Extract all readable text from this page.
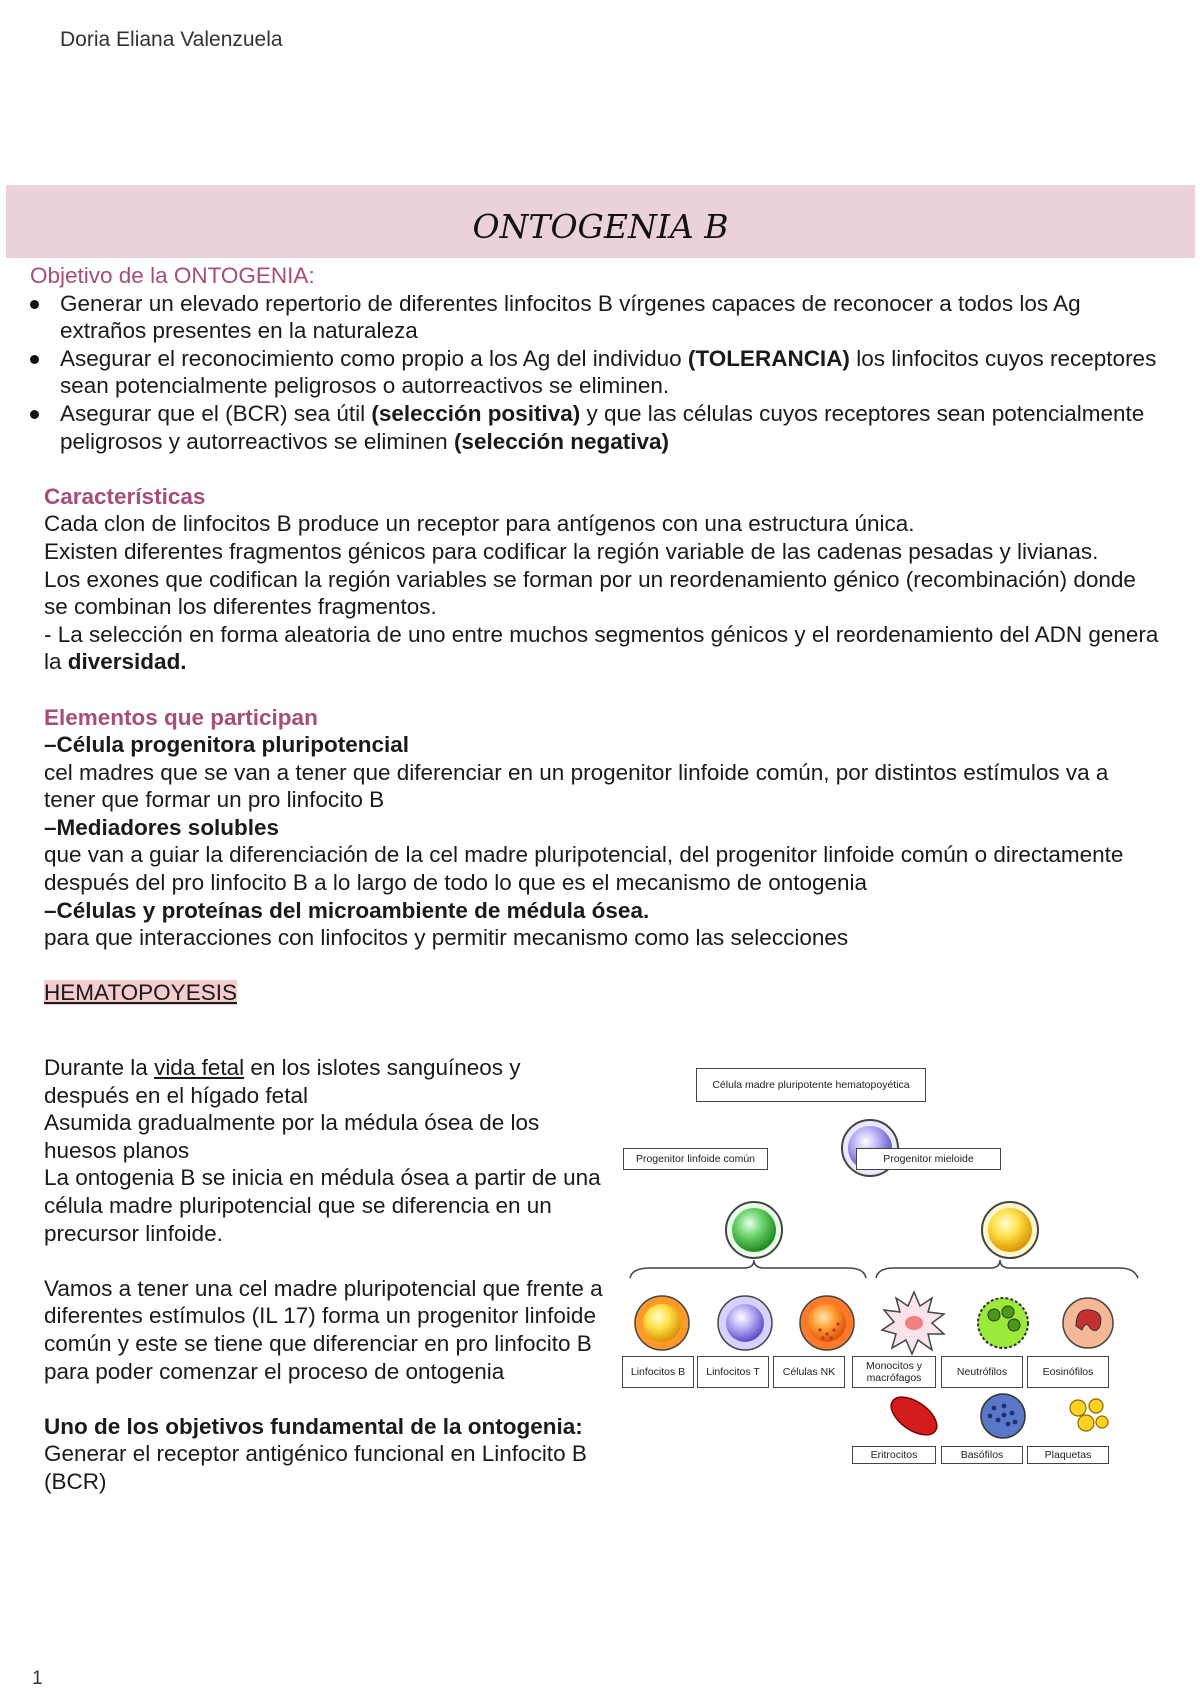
Doria Eliana Valenzuela
ONTOGENIA B
Objetivo de la ONTOGENIA:
Generar un elevado repertorio de diferentes linfocitos B vírgenes capaces de reconocer a todos los Ag extraños presentes en la naturaleza
Asegurar el reconocimiento como propio a los Ag del individuo (TOLERANCIA) los linfocitos cuyos receptores sean potencialmente peligrosos o autorreactivos se eliminen.
Asegurar que el (BCR) sea útil (selección positiva) y que las células cuyos receptores sean potencialmente peligrosos y autorreactivos se eliminen (selección negativa)
Características
Cada clon de linfocitos B produce un receptor para antígenos con una estructura única.
Existen diferentes fragmentos génicos para codificar la región variable de las cadenas pesadas y livianas.
Los exones que codifican la región variables se forman por un reordenamiento génico (recombinación) donde se combinan los diferentes fragmentos.
- La selección en forma aleatoria de uno entre muchos segmentos génicos y el reordenamiento del ADN genera la diversidad.
Elementos que participan
–Célula progenitora pluripotencial
cel madres que se van a tener que diferenciar en un progenitor linfoide común, por distintos estímulos va a tener que formar un pro linfocito B
–Mediadores solubles
que van a guiar la diferenciación de la cel madre pluripotencial, del progenitor linfoide común o directamente después del pro linfocito B a lo largo de todo lo que es el mecanismo de ontogenia
–Células y proteínas del microambiente de médula ósea.
para que interacciones con linfocitos y permitir mecanismo como las selecciones
HEMATOPOYESIS
Durante la vida fetal en los islotes sanguíneos y después en el hígado fetal
Asumida gradualmente por la médula ósea de los huesos planos
La ontogenia B se inicia en médula ósea a partir de una célula madre pluripotencial que se diferencia en un precursor linfoide.
Vamos a tener una cel madre pluripotencial que frente a diferentes estímulos (IL 17) forma un progenitor linfoide común y este se tiene que diferenciar en pro linfocito B para poder comenzar el proceso de ontogenia
Uno de los objetivos fundamental de la ontogenia:
Generar el receptor antigénico funcional en Linfocito B (BCR)
Célula madre pluripotente hematopoyética
Progenitor linfoide común	Progenitor mieloide
Linfocitos B	Linfocitos T	Células NK	Monocitos y macrófagos	Neutrófilos	Eosinófilos
Eritrocitos	Basófilos	Plaquetas
1
